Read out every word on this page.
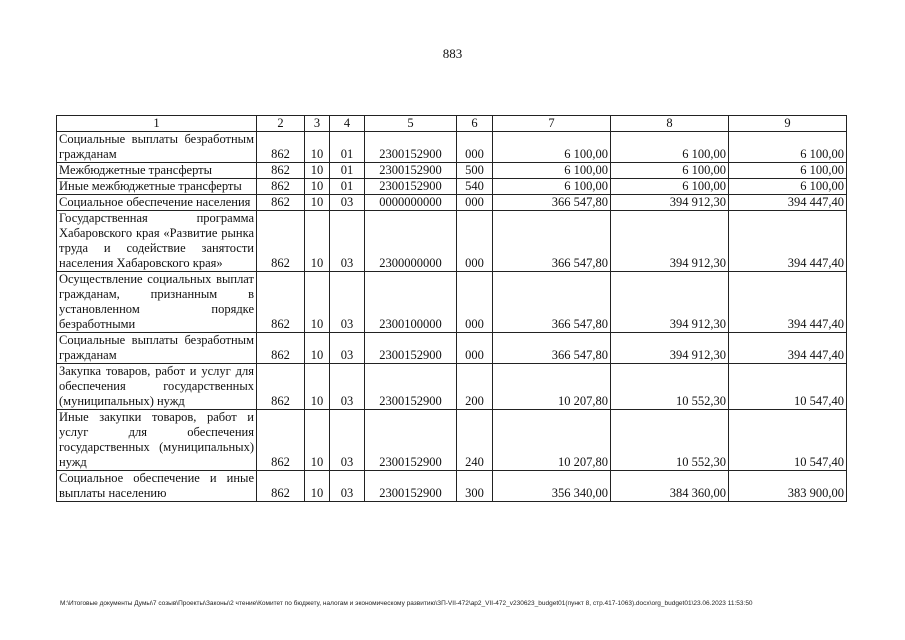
883
1	2	3	4	5	6	7	8	9
Социальные выплаты безработным гражданам	862	10	01	2300152900	000	6 100,00	6 100,00	6 100,00
Межбюджетные трансферты	862	10	01	2300152900	500	6 100,00	6 100,00	6 100,00
Иные межбюджетные трансферты	862	10	01	2300152900	540	6 100,00	6 100,00	6 100,00
Социальное обеспечение населения	862	10	03	0000000000	000	366 547,80	394 912,30	394 447,40
Государственная программа Хабаровского края «Развитие рынка труда и содействие занятости населения Хабаровского края»	862	10	03	2300000000	000	366 547,80	394 912,30	394 447,40
Осуществление социальных выплат гражданам, признанным в установленном порядке безработными	862	10	03	2300100000	000	366 547,80	394 912,30	394 447,40
Социальные выплаты безработным гражданам	862	10	03	2300152900	000	366 547,80	394 912,30	394 447,40
Закупка товаров, работ и услуг для обеспечения государственных (муниципальных) нужд	862	10	03	2300152900	200	10 207,80	10 552,30	10 547,40
Иные закупки товаров, работ и услуг для обеспечения государственных (муниципальных) нужд	862	10	03	2300152900	240	10 207,80	10 552,30	10 547,40
Социальное обеспечение и иные выплаты населению	862	10	03	2300152900	300	356 340,00	384 360,00	383 900,00
M:\Итоговые документы Думы\7 созыв\Проекты\Законы\2 чтение\Комитет по бюджету, налогам и экономическому развитию\ЗП-VII-472\ap2_VII-472_v230623_budget01(пункт 8, стр.417-1063).docx\org_budget01\23.06.2023 11:53:50
